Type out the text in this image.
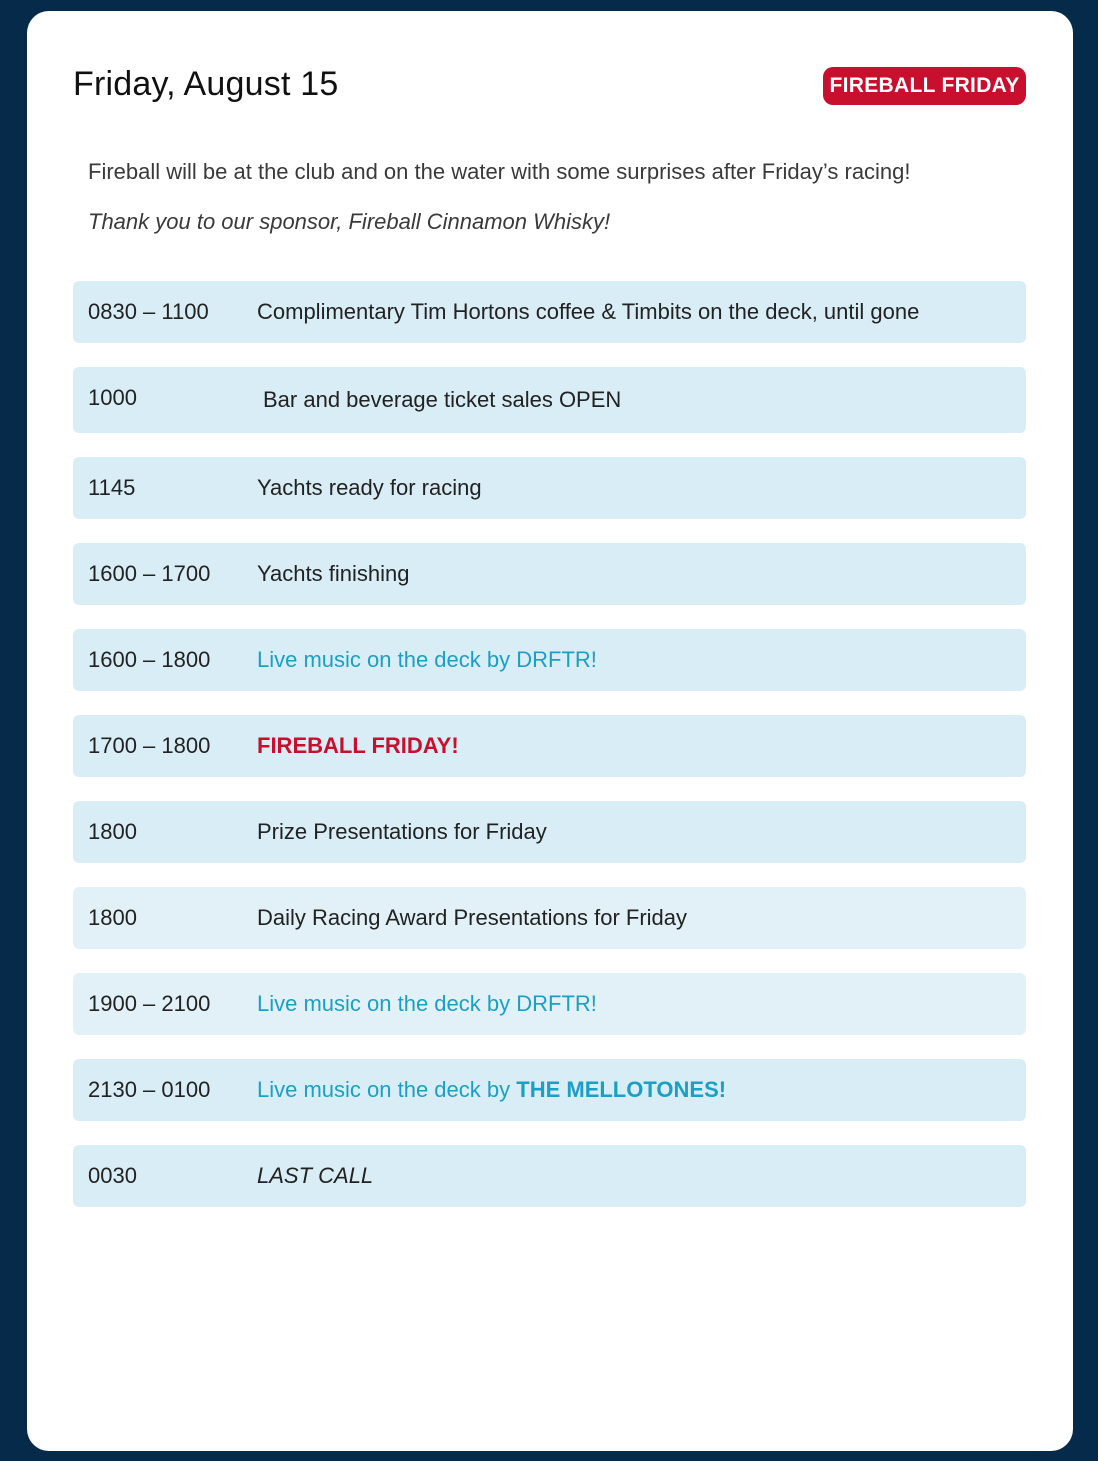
Friday, August 15	FIREBALL FRIDAY
Fireball will be at the club and on the water with some surprises after Friday’s racing!
Thank you to our sponsor, Fireball Cinnamon Whisky!
0830 – 1100 Complimentary Tim Hortons coffee & Timbits on the deck, until gone
1000	Bar and beverage ticket sales OPEN
1145	Yachts ready for racing
1600 – 1700 Yachts finishing
1600 – 1800 Live music on the deck by DRFTR!
1700 – 1800 FIREBALL FRIDAY!
1800	Prize Presentations for Friday
1800	Daily Racing Award Presentations for Friday
1900 – 2100 Live music on the deck by DRFTR!
2130 – 0100 Live music on the deck by THE MELLOTONES!
0030	LAST CALL
